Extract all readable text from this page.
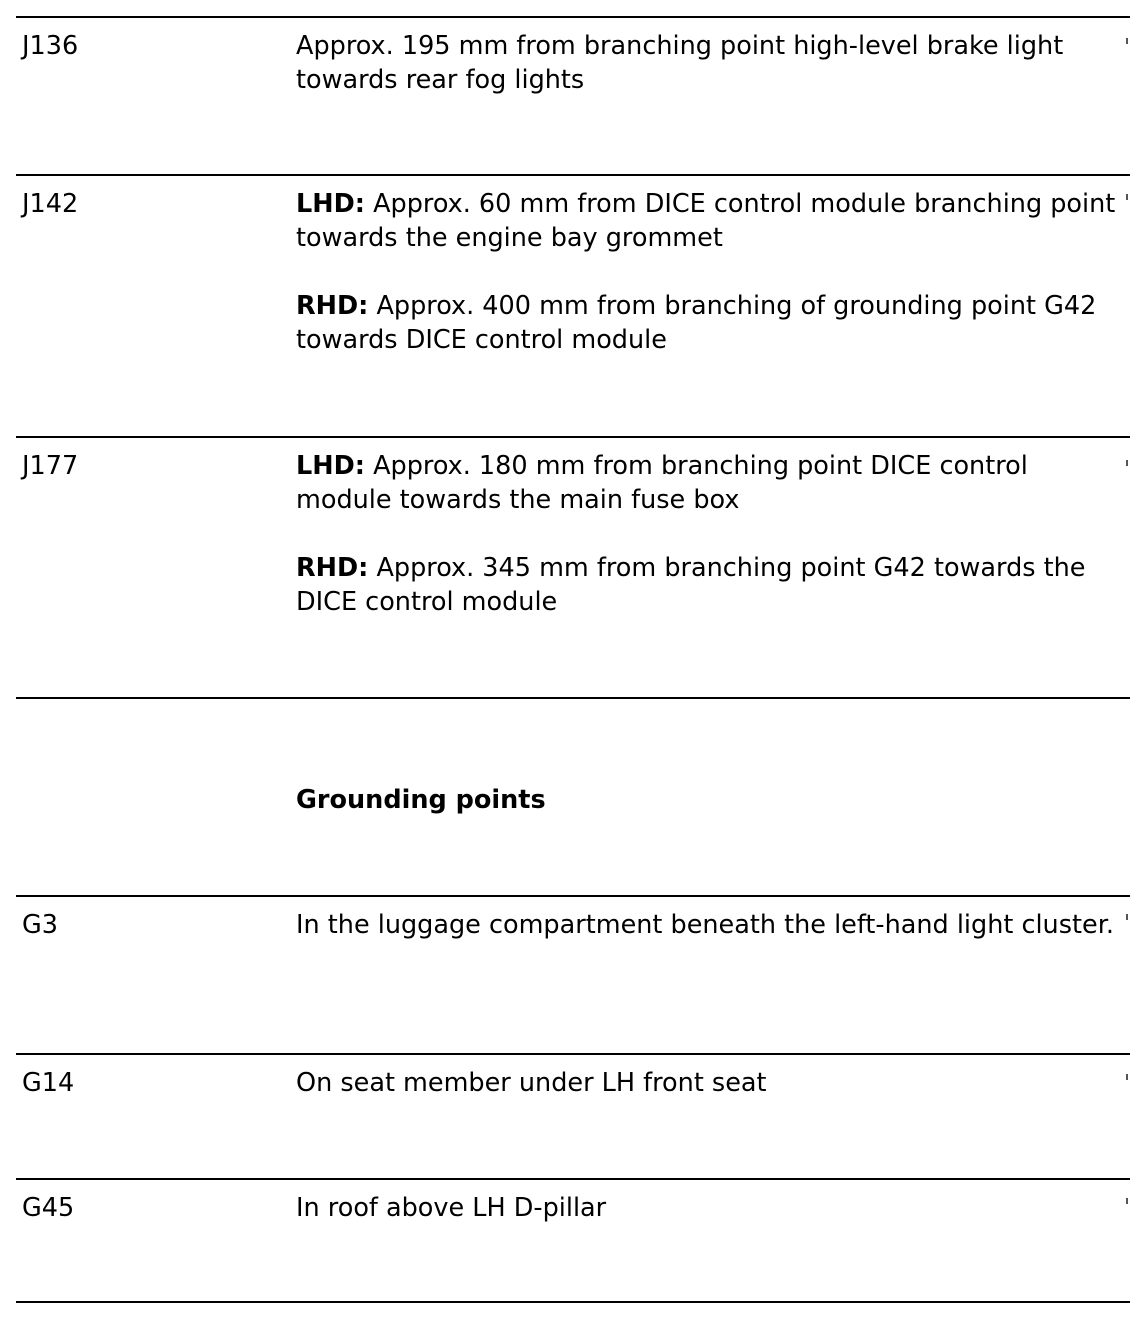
J136	Approx. 195 mm from branching point high-level brake light towards rear fog lights

J142	LHD: Approx. 60 mm from DICE control module branching point towards the engine bay grommet

RHD: Approx. 400 mm from branching of grounding point G42 towards DICE control module

J177	LHD: Approx. 180 mm from branching point DICE control module towards the main fuse box

RHD: Approx. 345 mm from branching point G42 towards the DICE control module

Grounding points
G3	In the luggage compartment beneath the left-hand light cluster.
G14	On seat member under LH front seat
G45	In roof above LH D-pillar
